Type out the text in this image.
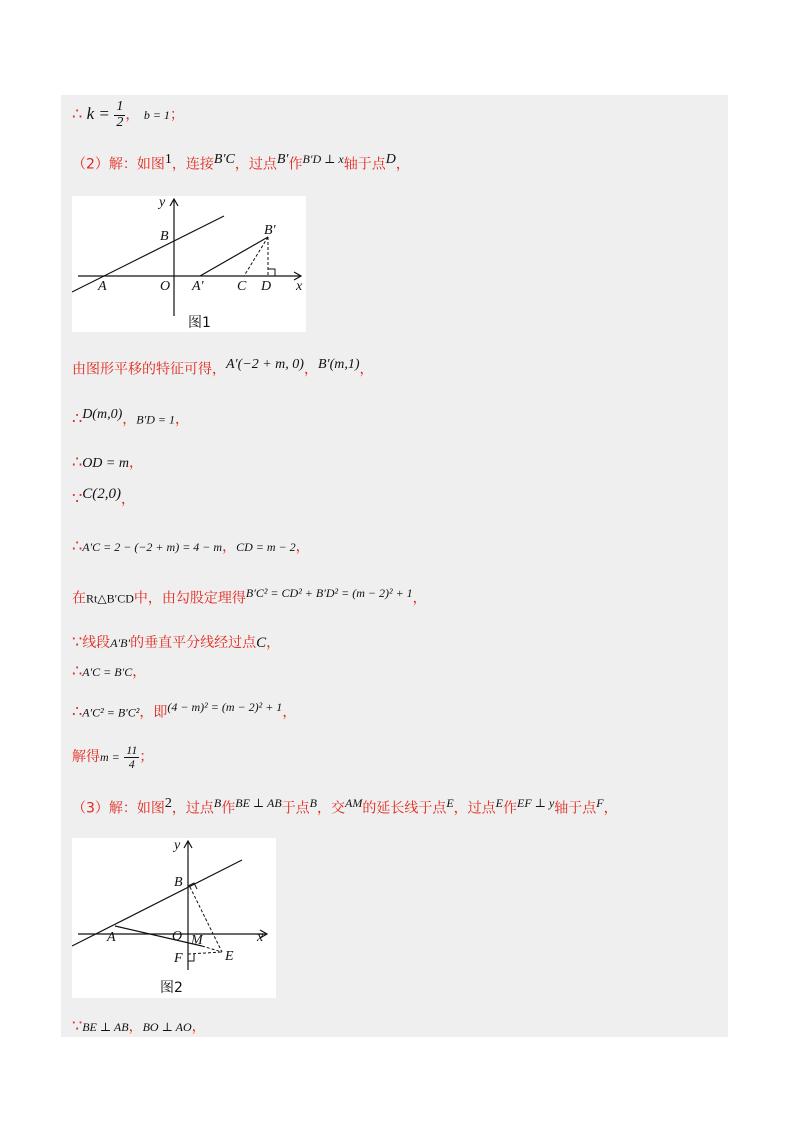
∴ $k = \frac{1}{2}$ ， b = 1；
（2）解：如图$^1$，连接$^{B'C}$，过点$^{B'}$作$^{B'D \perp x}$轴于点$^D$，
y
x
B	B′
A	O A′ C D
图1
由图形平移的特征可得，$^{A'(-2 + m, 0)}$，$^{B'(m,1)}$，
∴$^{D(m,0)}$，B′D = 1，
∴OD = m，
∵$^{C(2,0)}$，
∴A′C = 2 − (−2 + m) = 4 − m，CD = m − 2，
在Rt△B′CD中，由勾股定理得$^{B'C^2 = CD^2 + B'D^2 = (m - 2)^2 + 1}$，
∵线段A′B′的垂直平分线经过点C，
∴A′C = B′C，
∴A′C² = B′C²，即$^{(4 - m)^2 = (m - 2)^2 + 1}$，
解得$m = \frac{11}{4}$ ；
（3）解：如图$^2$，过点$^B$作$^{BE \perp AB}$于点$^B$，交$^{AM}$的延长线于点$^E$，过点$^E$作$^{EF \perp y}$轴于点$^F$，
y
x
B
A	O M
F	E
图2
∵BE ⊥ AB，BO ⊥ AO，
